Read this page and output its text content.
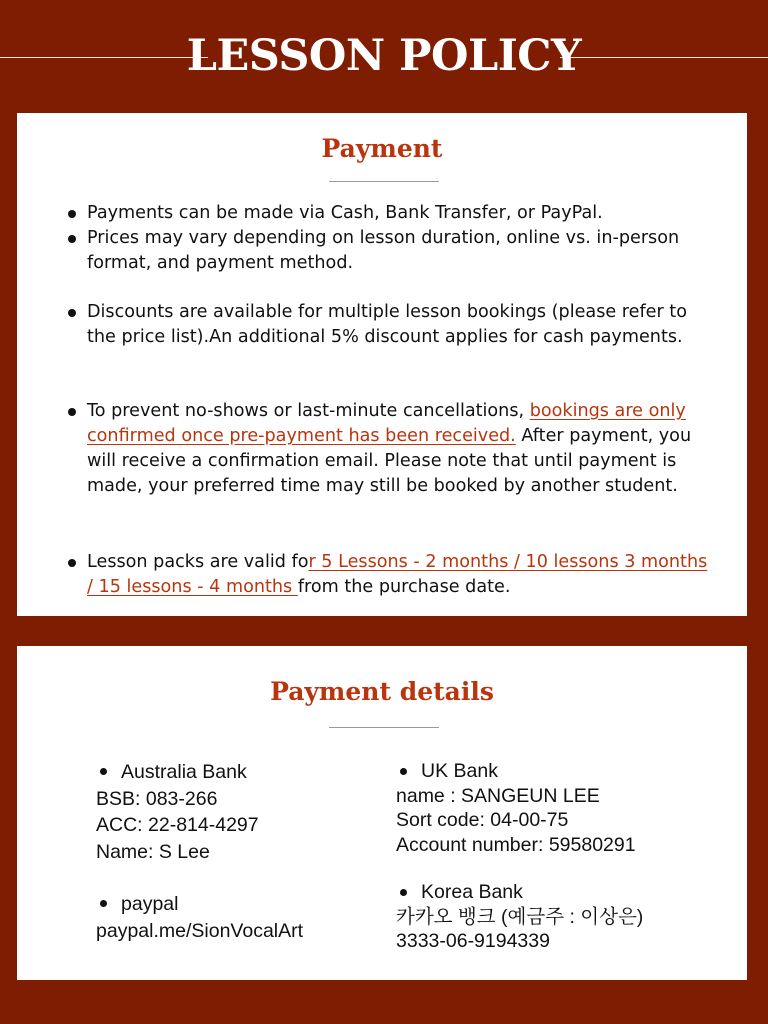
LESSON POLICY
Payment
Payments can be made via Cash, Bank Transfer, or PayPal.
Prices may vary depending on lesson duration, online vs. in-person format, and payment method.
Discounts are available for multiple lesson bookings (please refer to the price list).An additional 5% discount applies for cash payments.
To prevent no-shows or last-minute cancellations, bookings are only confirmed once pre-payment has been received. After payment, you will receive a confirmation email. Please note that until payment is made, your preferred time may still be booked by another student.
Lesson packs are valid for 5 Lessons - 2 months / 10 lessons 3 months / 15 lessons - 4 months from the purchase date.
Payment details
Australia Bank
BSB: 083-266
ACC: 22-814-4297
Name: S Lee
paypal
paypal.me/SionVocalArt
UK Bank
name : SANGEUN LEE
Sort code: 04-00-75
Account number: 59580291
Korea Bank
카카오 뱅크 (예금주 : 이상은)
3333-06-9194339
